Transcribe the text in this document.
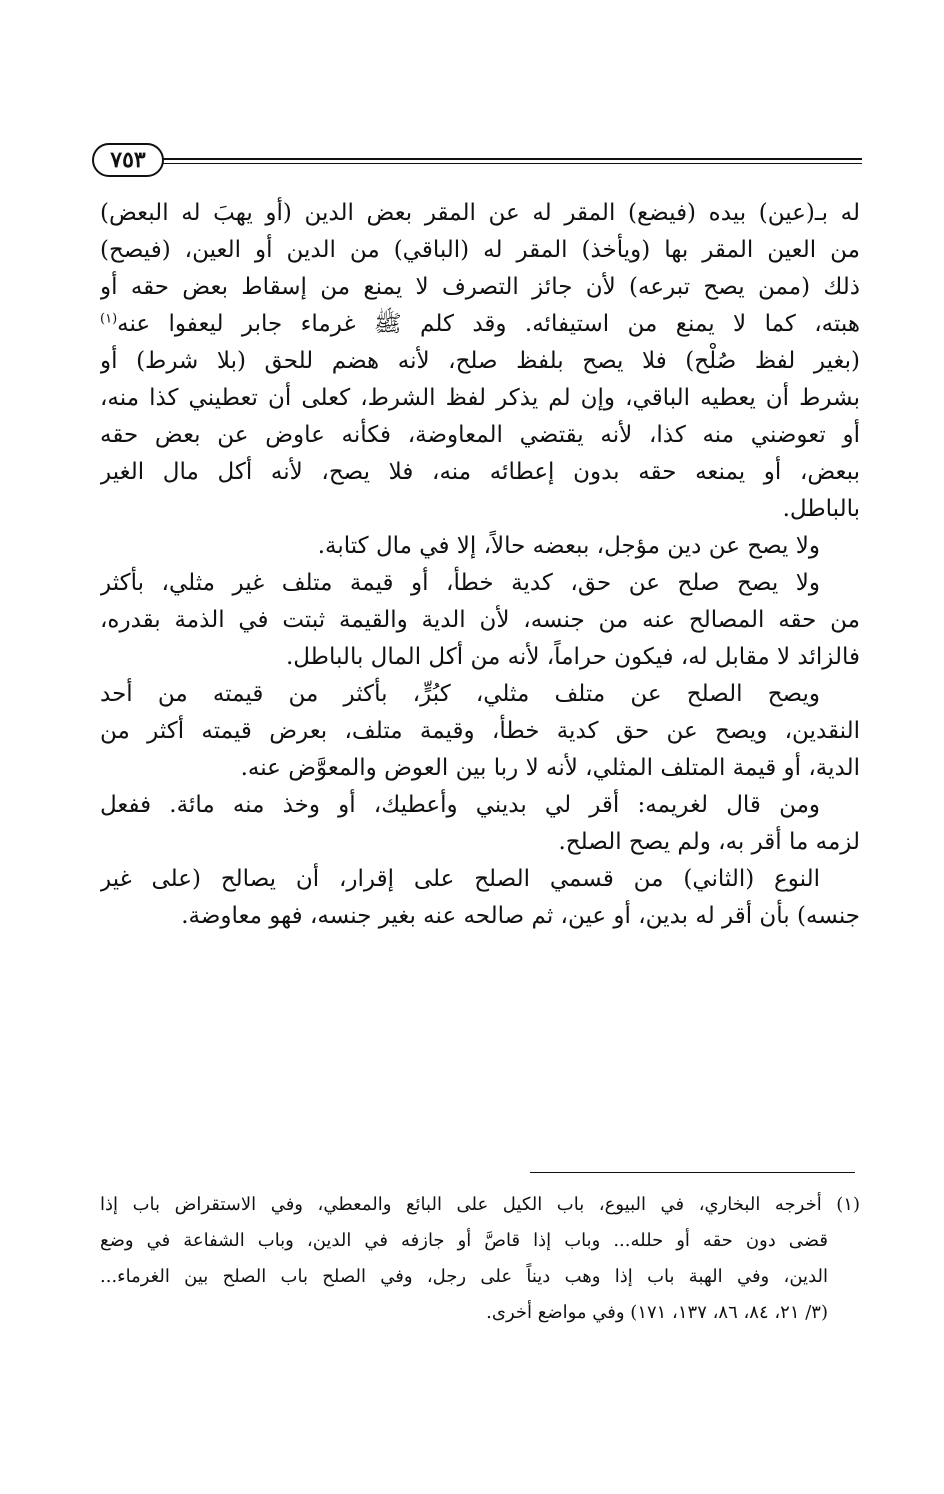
٧٥٣
له بـ(عين) بيده (فيضع) المقر له عن المقر بعض الدين (أو يهبَ له البعض)
من العين المقر بها (ويأخذ) المقر له (الباقي) من الدين أو العين، (فيصح)
ذلك (ممن يصح تبرعه) لأن جائز التصرف لا يمنع من إسقاط بعض حقه أو
هبته، كما لا يمنع من استيفائه. وقد كلم ﷺ غرماء جابر ليعفوا عنه$^{(١)}$
(بغير لفظ صُلْح) فلا يصح بلفظ صلح، لأنه هضم للحق (بلا شرط) أو
بشرط أن يعطيه الباقي، وإن لم يذكر لفظ الشرط، كعلى أن تعطيني كذا منه،
أو تعوضني منه كذا، لأنه يقتضي المعاوضة، فكأنه عاوض عن بعض حقه
ببعض، أو يمنعه حقه بدون إعطائه منه، فلا يصح، لأنه أكل مال الغير
بالباطل.
ولا يصح عن دين مؤجل، ببعضه حالاً، إلا في مال كتابة.
ولا يصح صلح عن حق، كدية خطأ، أو قيمة متلف غير مثلي، بأكثر
من حقه المصالح عنه من جنسه، لأن الدية والقيمة ثبتت في الذمة بقدره،
فالزائد لا مقابل له، فيكون حراماً، لأنه من أكل المال بالباطل.
ويصح الصلح عن متلف مثلي، كبُرٍّ، بأكثر من قيمته من أحد
النقدين، ويصح عن حق كدية خطأ، وقيمة متلف، بعرض قيمته أكثر من
الدية، أو قيمة المتلف المثلي، لأنه لا ربا بين العوض والمعوَّض عنه.
ومن قال لغريمه: أقر لي بديني وأعطيك، أو وخذ منه مائة. ففعل
لزمه ما أقر به، ولم يصح الصلح.
النوع (الثاني) من قسمي الصلح على إقرار، أن يصالح (على غير
جنسه) بأن أقر له بدين، أو عين، ثم صالحه عنه بغير جنسه، فهو معاوضة.
(١) أخرجه البخاري، في البيوع، باب الكيل على البائع والمعطي، وفي الاستقراض باب إذا
قضى دون حقه أو حلله... وباب إذا قاصَّ أو جازفه في الدين، وباب الشفاعة في وضع
الدين، وفي الهبة باب إذا وهب ديناً على رجل، وفي الصلح باب الصلح بين الغرماء...
(٣/ ٢١، ٨٤، ٨٦، ١٣٧، ١٧١) وفي مواضع أخرى.
